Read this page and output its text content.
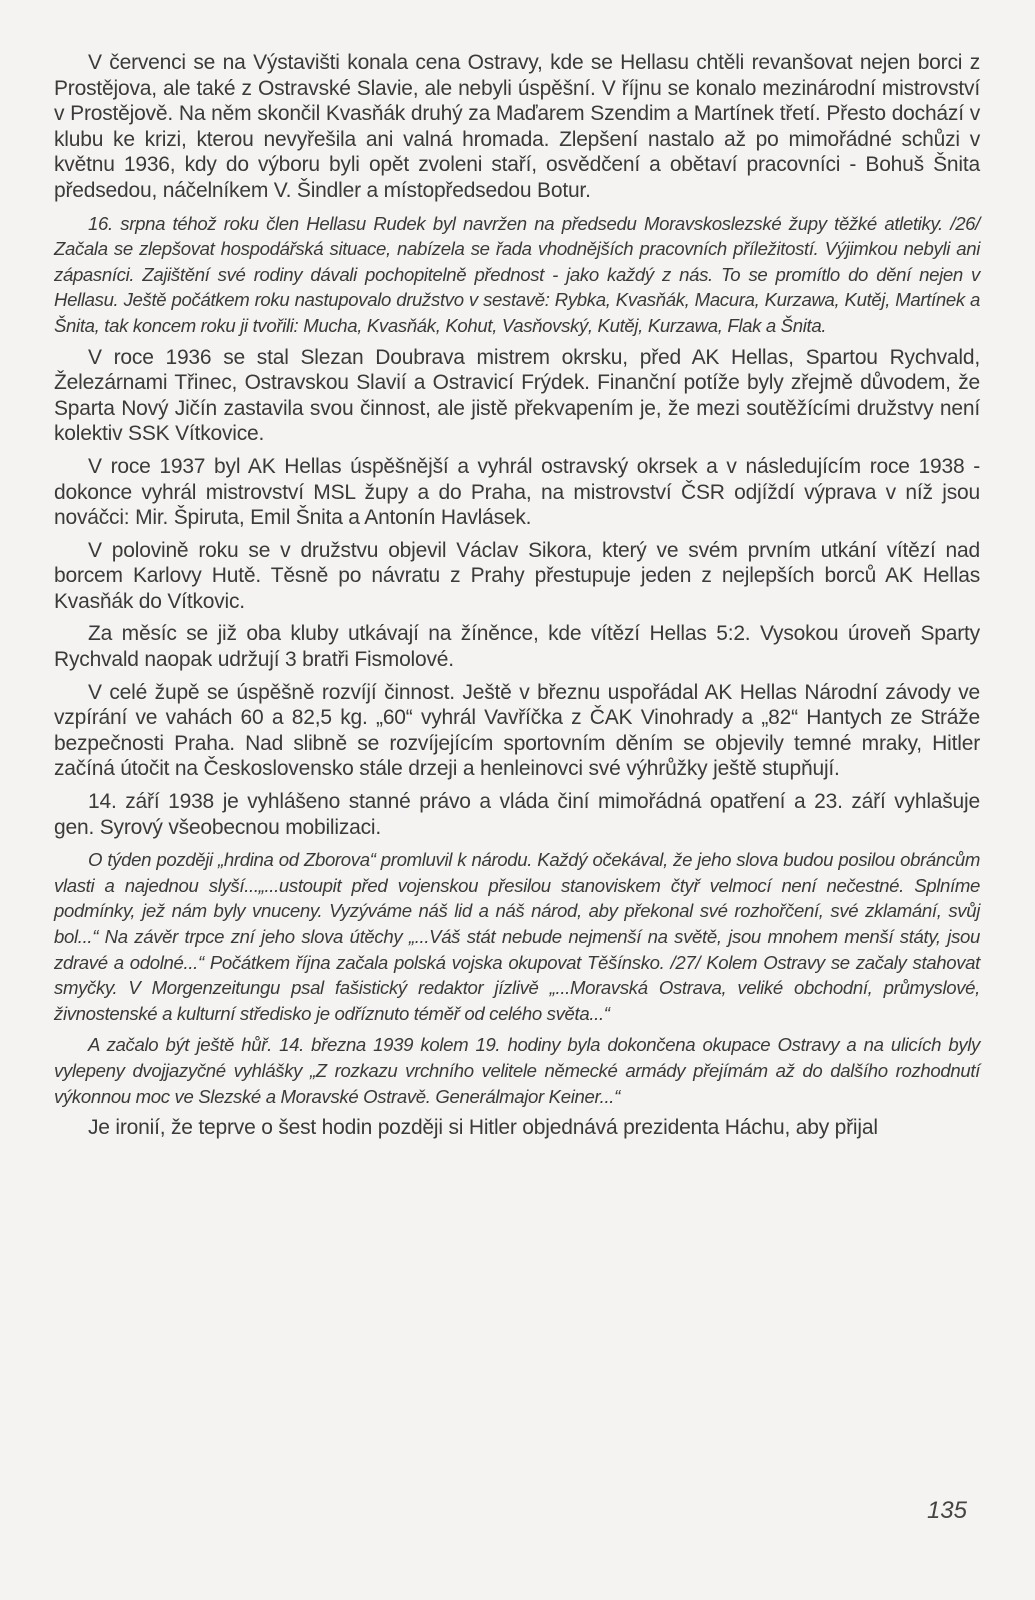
V červenci se na Výstavišti konala cena Ostravy, kde se Hellasu chtěli revanšovat nejen borci z Prostějova, ale také z Ostravské Slavie, ale nebyli úspěšní. V říjnu se konalo mezinárodní mistrovství v Prostějově. Na něm skončil Kvasňák druhý za Maďarem Szendim a Martínek třetí. Přesto dochází v klubu ke krizi, kterou nevyřešila ani valná hromada. Zlepšení nastalo až po mimořádné schůzi v květnu 1936, kdy do výboru byli opět zvoleni staří, osvědčení a obětaví pracovníci - Bohuš Šnita předsedou, náčelníkem V. Šindler a místopředsedou Botur.

16. srpna téhož roku člen Hellasu Rudek byl navržen na předsedu Moravskoslezské župy těžké atletiky. /26/ Začala se zlepšovat hospodářská situace, nabízela se řada vhodnějších pracovních příležitostí. Výjimkou nebyli ani zápasníci. Zajištění své rodiny dávali pochopitelně přednost - jako každý z nás. To se promítlo do dění nejen v Hellasu. Ještě počátkem roku nastupovalo družstvo v sestavě: Rybka, Kvasňák, Macura, Kurzawa, Kutěj, Martínek a Šnita, tak koncem roku ji tvořili: Mucha, Kvasňák, Kohut, Vasňovský, Kutěj, Kurzawa, Flak a Šnita.

V roce 1936 se stal Slezan Doubrava mistrem okrsku, před AK Hellas, Spartou Rychvald, Železárnami Třinec, Ostravskou Slavií a Ostravicí Frýdek. Finanční potíže byly zřejmě důvodem, že Sparta Nový Jičín zastavila svou činnost, ale jistě překvapením je, že mezi soutěžícími družstvy není kolektiv SSK Vítkovice.

V roce 1937 byl AK Hellas úspěšnější a vyhrál ostravský okrsek a v následujícím roce 1938 - dokonce vyhrál mistrovství MSL župy a do Praha, na mistrovství ČSR odjíždí výprava v níž jsou nováčci: Mir. Špiruta, Emil Šnita a Antonín Havlásek.

V polovině roku se v družstvu objevil Václav Sikora, který ve svém prvním utkání vítězí nad borcem Karlovy Hutě. Těsně po návratu z Prahy přestupuje jeden z nejlepších borců AK Hellas Kvasňák do Vítkovic.

Za měsíc se již oba kluby utkávají na žíněnce, kde vítězí Hellas 5:2. Vysokou úroveň Sparty Rychvald naopak udržují 3 bratři Fismolové.

V celé župě se úspěšně rozvíjí činnost. Ještě v březnu uspořádal AK Hellas Národní závody ve vzpírání ve vahách 60 a 82,5 kg. „60“ vyhrál Vavříčka z ČAK Vinohrady a „82“ Hantych ze Stráže bezpečnosti Praha. Nad slibně se rozvíjejícím sportovním děním se objevily temné mraky, Hitler začíná útočit na Československo stále drzeji a henleinovci své výhrůžky ještě stupňují.

14. září 1938 je vyhlášeno stanné právo a vláda činí mimořádná opatření a 23. září vyhlašuje gen. Syrový všeobecnou mobilizaci.

O týden později „hrdina od Zborova“ promluvil k národu. Každý očekával, že jeho slova budou posilou obráncům vlasti a najednou slyší...„...ustoupit před vojenskou přesilou stanoviskem čtyř velmocí není nečestné. Splníme podmínky, jež nám byly vnuceny. Vyzýváme náš lid a náš národ, aby překonal své rozhořčení, své zklamání, svůj bol...“ Na závěr trpce zní jeho slova útěchy „...Váš stát nebude nejmenší na světě, jsou mnohem menší státy, jsou zdravé a odolné...“ Počátkem října začala polská vojska okupovat Těšínsko. /27/ Kolem Ostravy se začaly stahovat smyčky. V Morgenzeitungu psal fašistický redaktor jízlivě „...Moravská Ostrava, veliké obchodní, průmyslové, živnostenské a kulturní středisko je odříznuto téměř od celého světa...“

A začalo být ještě hůř. 14. března 1939 kolem 19. hodiny byla dokončena okupace Ostravy a na ulicích byly vylepeny dvojjazyčné vyhlášky „Z rozkazu vrchního velitele německé armády přejímám až do dalšího rozhodnutí výkonnou moc ve Slezské a Moravské Ostravě. Generálmajor Keiner...“

Je ironií, že teprve o šest hodin později si Hitler objednává prezidenta Háchu, aby přijal

135
